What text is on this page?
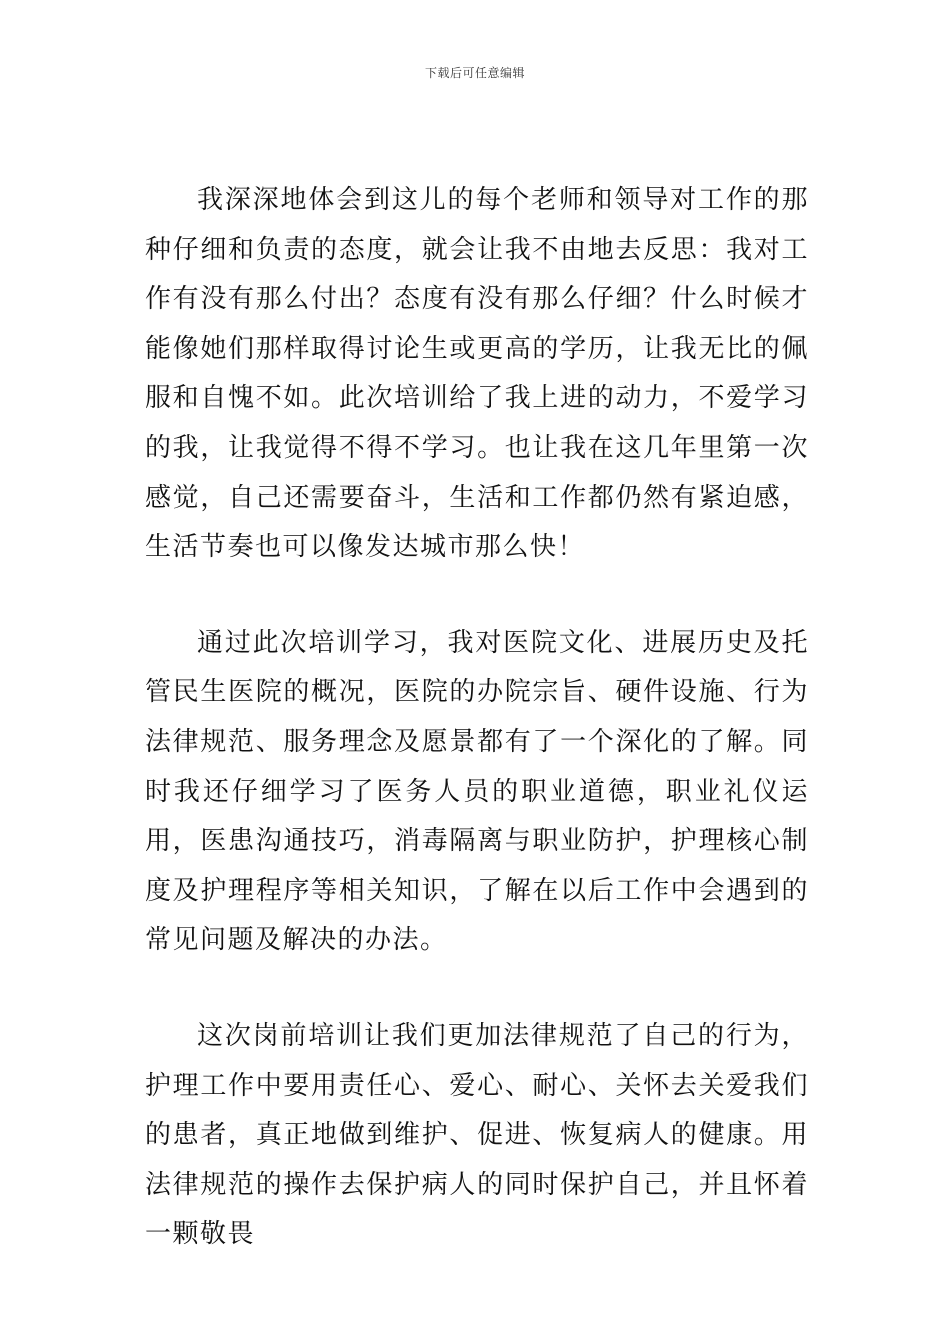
下载后可任意编辑

我深深地体会到这儿的每个老师和领导对工作的那种仔细和负责的态度，就会让我不由地去反思：我对工作有没有那么付出？态度有没有那么仔细？什么时候才能像她们那样取得讨论生或更高的学历，让我无比的佩服和自愧不如。此次培训给了我上进的动力，不爱学习的我，让我觉得不得不学习。也让我在这几年里第一次感觉，自己还需要奋斗，生活和工作都仍然有紧迫感，生活节奏也可以像发达城市那么快！

通过此次培训学习，我对医院文化、进展历史及托管民生医院的概况，医院的办院宗旨、硬件设施、行为法律规范、服务理念及愿景都有了一个深化的了解。同时我还仔细学习了医务人员的职业道德，职业礼仪运用，医患沟通技巧，消毒隔离与职业防护，护理核心制度及护理程序等相关知识，了解在以后工作中会遇到的常见问题及解决的办法。

这次岗前培训让我们更加法律规范了自己的行为，护理工作中要用责任心、爱心、耐心、关怀去关爱我们的患者，真正地做到维护、促进、恢复病人的健康。用法律规范的操作去保护病人的同时保护自己，并且怀着一颗敬畏
